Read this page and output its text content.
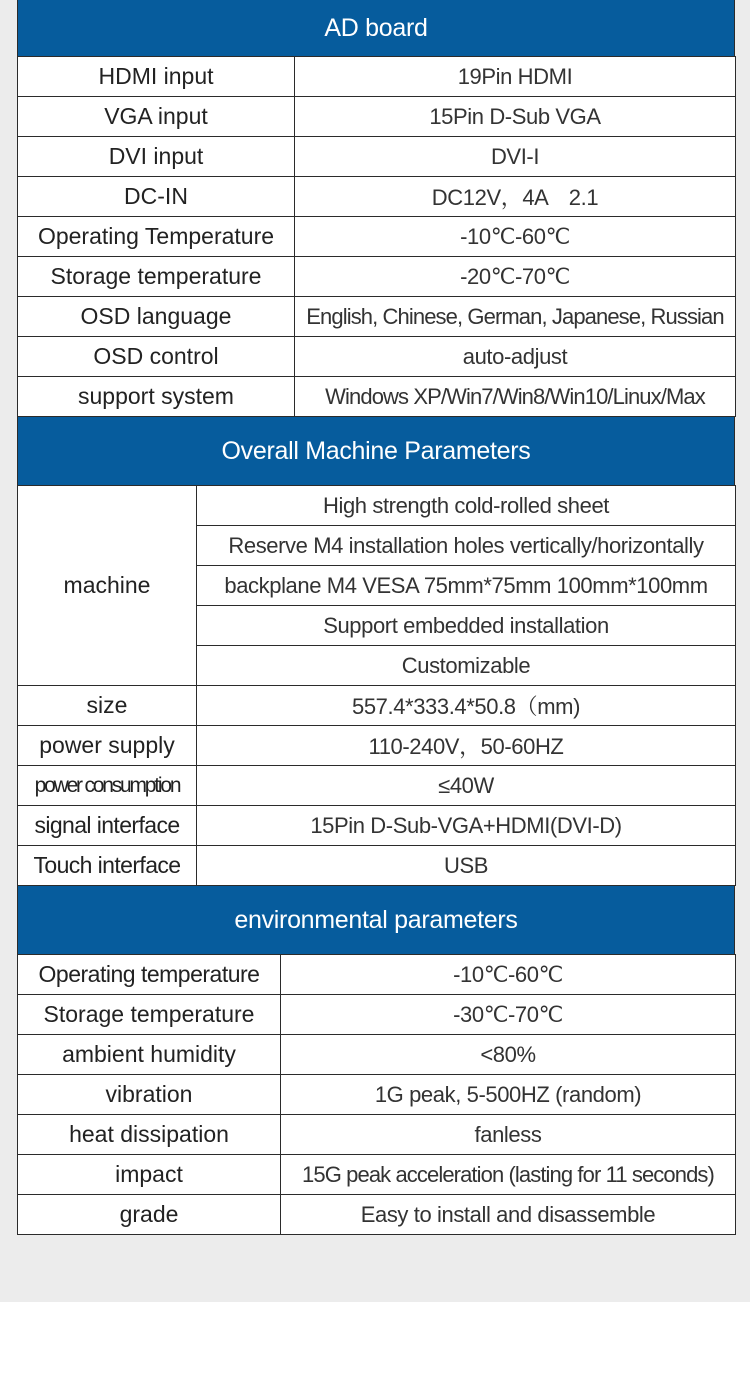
AD board
HDMI input	19Pin HDMI
VGA input	15Pin D-Sub VGA
DVI input	DVI-I
DC-IN	DC12V，4A　2.1
Operating Temperature	-10℃-60℃
Storage temperature	-20℃-70℃
OSD language	English, Chinese, German, Japanese, Russian
OSD control	auto-adjust
support system	Windows XP/Win7/Win8/Win10/Linux/Max
Overall Machine Parameters
machine	High strength cold-rolled sheet
	Reserve M4 installation holes vertically/horizontally
	backplane M4 VESA 75mm*75mm 100mm*100mm
	Support embedded installation
	Customizable
size	557.4*333.4*50.8（mm)
power supply	110-240V，50-60HZ
power consumption	≤40W
signal interface	15Pin D-Sub-VGA+HDMI(DVI-D)
Touch interface	USB
environmental parameters
Operating temperature	-10℃-60℃
Storage temperature	-30℃-70℃
ambient humidity	<80%
vibration	1G peak, 5-500HZ (random)
heat dissipation	fanless
impact	15G peak acceleration (lasting for 11 seconds)
grade	Easy to install and disassemble
